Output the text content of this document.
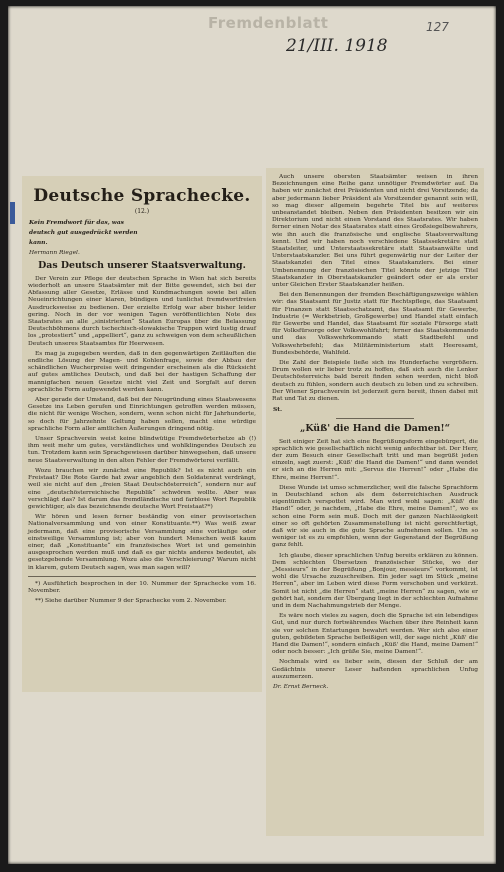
Fremdenblatt	127
21/III. 1918
Deutsche Sprachecke.
(12.)

Kein Fremdwort für das, was

deutsch gut ausgedrückt werden

kann.

Hermann Riegel.

Das Deutsch unserer Staatsverwaltung.

Der Verein zur Pflege der deutschen Sprache in Wien hat sich bereits wiederholt an unsere Staatsämter mit der Bitte gewendet, sich bei der Abfassung aller Gesetze, Erlässe und Kundmachungen sowie bei allen Neueinrichtungen einer klaren, bündigen und tunlichst fremdwortfreien Ausdrucksweise zu bedienen. Der erzielte Erfolg war aber bisher leider gering. Noch in der vor wenigen Tagen veröffentlichten Note des Staatsrates an alle „sinistrierten“ Staaten Europas über die Belassung Deutschböhmens durch tschechisch-slowakische Truppen wird lustig drauf los „protestiert“ und „appelliert“, ganz zu schweigen von dem scheußlichen Deutsch unseres Staatsamtes für Heerwesen.

Es mag ja zugegeben werden, daß in den gegenwärtigen Zeitläuften die endliche Lösung der Magen- und Kohlenfrage, sowie der Abbau der schändlichen Wucherpreise weit dringender erscheinen als die Rücksicht auf gutes amtliches Deutsch, und daß bei der hastigen Schaffung der mannigfachen neuen Gesetze nicht viel Zeit und Sorgfalt auf deren sprachliche Form aufgewendet werden kann.

Aber gerade der Umstand, daß bei der Neugründung eines Staatswesens Gesetze ins Leben gerufen und Einrichtungen getroffen werden müssen, die nicht für wenige Wochen, sondern, wenn schon nicht für Jahrhunderte, so doch für Jahrzehnte Geltung haben sollen, macht eine würdige sprachliche Form aller amtlichen Äußerungen dringend nötig.

Unser Sprachverein weist keine blindwütige Fremdwörterhetze ab (!) ihm weit mehr um gutes, verständliches und wohlklingendes Deutsch zu tun. Trotzdem kann sein Sprachgewissen darüber hinwegsehen, daß unsere neue Staatsverwaltung in den alten Fehler der Fremdwörterei verfällt.

Wozu brauchen wir zunächst eine Republik? Ist es nicht auch ein Freistaat? Die Rote Garde hat zwar angeblich den Soldatenrat verdrängt, weil sie nicht auf den „freien Staat Deutschösterreich“, sondern nur auf eine „deutschösterreichische Republik“ schwören wollte. Aber was verschlägt das? Ist darum das fremdländische und farblose Wort Republik gewichtiger, als das bezeichnende deutsche Wort Freistaat?*)

Wir hören und lesen ferner beständig von einer provisorischen Nationalversammlung und von einer Konstituante.**) Was weiß zwar jedermann, daß eine provisorische Versammlung eine vorläufige oder einstweilige Versammlung ist; aber von hundert Menschen weiß kaum einer, daß „Konstituante“ ein französisches Wort ist und gemeinhin ausgesprochen werden muß und daß es gar nichts anderes bedeutet, als gesetzgebende Versammlung. Wozu also die Verschleierung? Warum nicht in klarem, gutem Deutsch sagen, was man sagen will?

*) Ausführlich besprochen in der 10. Nummer der Sprachecke vom 16. November.

**) Siehe darüber Nummer 9 der Sprachecke vom 2. November.

Auch unsere obersten Staatsämter weisen in ihren Bezeichnungen eine Reihe ganz unnötiger Fremdwörter auf. Da haben wir zunächst drei Präsidenten und nicht drei Vorsitzende; da aber jedermann lieber Präsident als Vorsitzender genannt sein will, so mag dieser allgemein begehrte Titel bis auf weiteres unbeanstandet bleiben. Neben den Präsidenten besitzen wir ein Direktorium und nicht einen Vorstand des Staatsrates. Wir haben ferner einen Notar des Staatsrates statt eines Großsiegelbewahrers, wie ihn auch die französische und englische Staatsverwaltung kennt. Und wir haben noch verschiedene Staatssekretäre statt Staatsleiter, und Unterstaatssekretäre statt Staatsanwälte und Unterstaatskanzler. Bei uns führt gegenwärtig nur der Leiter der Staatskanzlei den Titel eines Staatskanzlers. Bei einer Umbenennung der französischen Titel könnte der jetzige Titel Staatskanzler in Oberstaatskanzler geändert oder er als erster unter Gleichen Erster Staatskanzler heißen.

Bei den Benennungen der fremden Beschäftigungszweige wählen wir: das Staatsamt für Justiz statt für Rechtspflege, das Staatsamt für Finanzen statt Staatsschatzamt, das Staatsamt für Gewerbe, Industrie (= Werkbetrieb, Großgewerbe) und Handel statt einfach für Gewerbe und Handel, das Staatsamt für soziale Fürsorge statt für Volksfürsorge oder Volkswohlfahrt; ferner das Staatskommando und das Volkswehrkommando statt Stadtbefehl und Volkswehrbefehl; das Militärministerium statt Heeresamt, Bundesbehörde, Wahlfeld.

Die Zahl der Beispiele ließe sich ins Hunderfache vergrößern. Drum wollen wir lieber trotz zu hoffen, daß sich auch die Lenker Deutschösterreichs bald bereit finden sehen werden, nicht bloß deutsch zu fühlen, sondern auch deutsch zu leben und zu schreiben. Der Wiener Sprachverein ist jederzeit gern bereit, ihnen dabei mit Rat und Tat zu dienen.

St.

„Küß' die Hand die Damen!“

Seit einiger Zeit hat sich eine Begrüßungsform eingebürgert, die sprachlich wie gesellschaftlich nicht wenig anfechtbar ist. Der Herr, der zum Besuch einer Gesellschaft tritt und man begrüßt jeden einzeln, sagt zuerst: „Küß' die Hand die Damen!“ und dann wendet er sich an die Herren mit: „Servus die Herren!“ oder „Habe die Ehre, meine Herren!“.

Diese Wunde ist umso schmerzlicher, weil die falsche Sprachform in Deutschland schon als dem österreichischen Ausdruck eigentümlich verspottet wird. Man wird wohl sagen: „Küß' die Hand!“ oder, je nachdem, „Habe die Ehre, meine Damen!“, wo es schon eine Form sein muß. Doch mit der ganzen Nachlässigkeit einer so oft gehörten Zusammenstellung ist nicht gerechtfertigt, daß wir sie auch in die gute Sprache aufnehmen sollen. Um so weniger ist es zu empfehlen, wenn der Gegenstand der Begrüßung ganz fehlt.

Ich glaube, dieser sprachlichen Unfug bereits erklären zu können. Dem schlechten Übersetzen französischer Stücke, wo der „Messieurs“ in der Begrüßung „Bonjour, messieurs“ vorkommt, ist wohl die Ursache zuzuschreiben. Ein jeder sagt im Stück „meine Herren“, aber im Leben wird diese Form verschoben und verkürzt. Somit ist nicht „die Herren“ statt „meine Herren“ zu sagen, wie er gehört hat, sondern der Übergang liegt in der schlechten Aufnahme und in dem Nachahmungstrieb der Menge.

Es wäre noch vieles zu sagen, doch die Sprache ist ein lebendiges Gut, und nur durch fortwährendes Wachen über ihre Reinheit kann sie vor solchen Entartungen bewahrt werden. Wer sich also einer guten, gebildeten Sprache befleißigen will, der sage nicht „Küß' die Hand die Damen!“, sondern einfach „Küß' die Hand, meine Damen!“ oder noch besser: „Ich grüße Sie, meine Damen!“.

Nochmals wird es lieber sein, diesen der Schluß der am Gedächtnis unsrer Leser haftenden sprachlichen Unfug auszumerzen.

Dr. Ernst Berneck.
